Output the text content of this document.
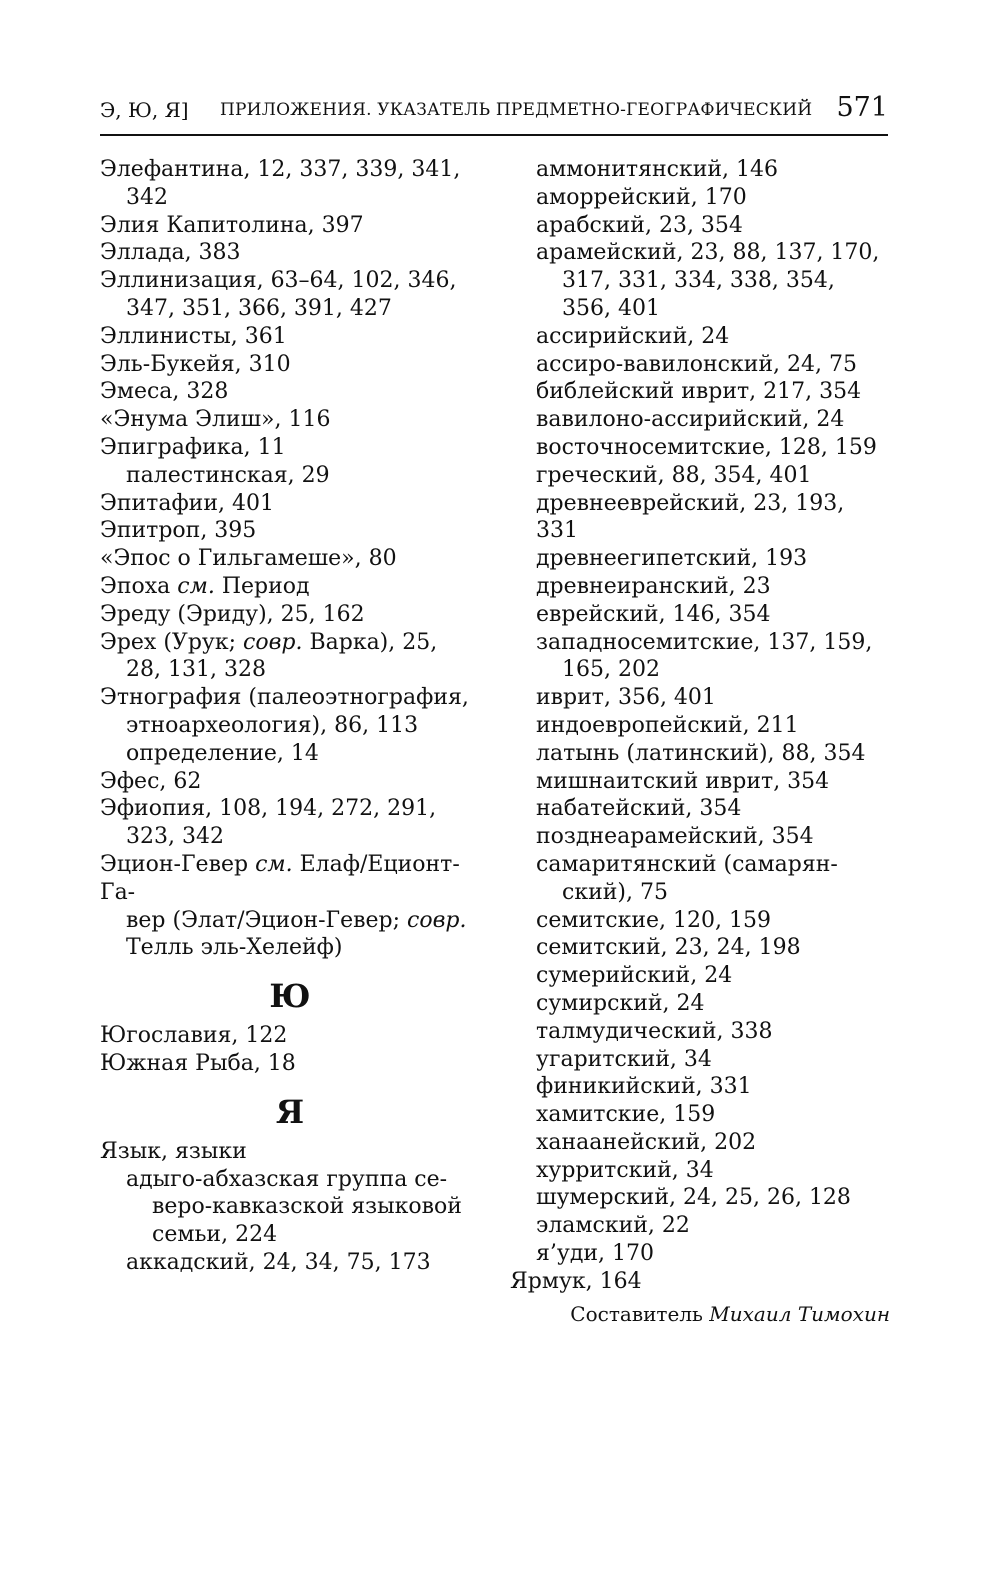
Э, Ю, Я] ПРИЛОЖЕНИЯ. УКАЗАТЕЛЬ ПРЕДМЕТНО-ГЕОГРАФИЧЕСКИЙ 571
Элефантина, 12, 337, 339, 341,
342
Элия Капитолина, 397
Эллада, 383
Эллинизация, 63–64, 102, 346,
347, 351, 366, 391, 427
Эллинисты, 361
Эль-Букейя, 310
Эмеса, 328
«Энума Элиш», 116
Эпиграфика, 11
палестинская, 29
Эпитафии, 401
Эпитроп, 395
«Эпос о Гильгамеше», 80
Эпоха см. Период
Эреду (Эриду), 25, 162
Эрех (Урук; совр. Варка), 25,
28, 131, 328
Этнография (палеоэтнография,
этноархеология), 86, 113
определение, 14
Эфес, 62
Эфиопия, 108, 194, 272, 291,
323, 342
Эцион-Гевер см. Елаф/Еционт-Га-
вер (Элат/Эцион-Гевер; совр.
Телль эль-Хелейф)
Ю
Югославия, 122
Южная Рыба, 18
Я
Язык, языки
адыго-абхазская группа се-
веро-кавказской языковой
семьи, 224
аккадский, 24, 34, 75, 173
аммонитянский, 146
аморрейский, 170
арабский, 23, 354
арамейский, 23, 88, 137, 170,
317, 331, 334, 338, 354,
356, 401
ассирийский, 24
ассиро-вавилонский, 24, 75
библейский иврит, 217, 354
вавилоно-ассирийский, 24
восточносемитские, 128, 159
греческий, 88, 354, 401
древнееврейский, 23, 193, 331
древнеегипетский, 193
древнеиранский, 23
еврейский, 146, 354
западносемитские, 137, 159,
165, 202
иврит, 356, 401
индоевропейский, 211
латынь (латинский), 88, 354
мишнаитский иврит, 354
набатейский, 354
позднеарамейский, 354
самаритянский (самарян-
ский), 75
семитские, 120, 159
семитский, 23, 24, 198
сумерийский, 24
сумирский, 24
талмудический, 338
угаритский, 34
финикийский, 331
хамитские, 159
ханаанейский, 202
хурритский, 34
шумерский, 24, 25, 26, 128
эламский, 22
я’уди, 170
Ярмук, 164
Составитель Михаил Тимохин
